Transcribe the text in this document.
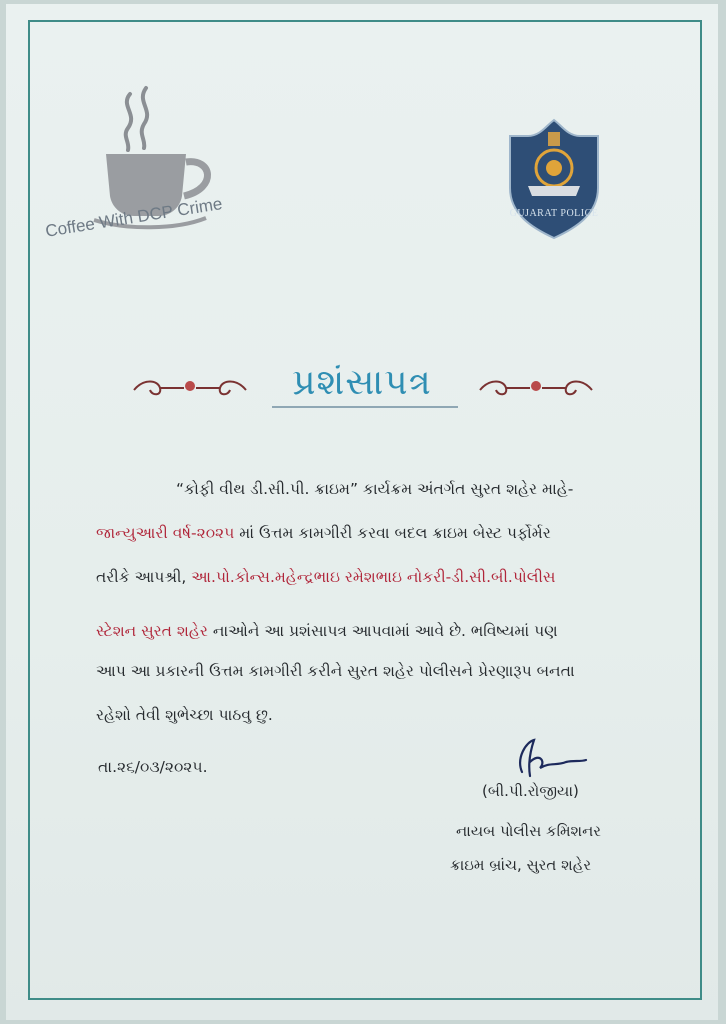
Coffee With DCP Crime	GUJARAT POLICE
પ્રશંસાપત્ર
“કોફી વીથ ડી.સી.પી. ક્રાઇમ” કાર્યક્રમ અંતર્ગત સુરત શહેર માહે-
જાન્યુઆરી વર્ષ-૨૦૨૫ માં ઉત્તમ કામગીરી કરવા બદલ ક્રાઇમ બેસ્ટ પર્ફોર્મર
તરીકે આપશ્રી, આ.પો.કોન્સ.મહેન્દ્રભાઇ રમેશભાઇ નોકરી-ડી.સી.બી.પોલીસ
સ્ટેશન સુરત શહેર નાઓને આ પ્રશંસાપત્ર આપવામાં આવે છે. ભવિષ્યમાં પણ
આપ આ પ્રકારની ઉત્તમ કામગીરી કરીને સુરત શહેર પોલીસને પ્રેરણારૂપ બનતા
રહેશો તેવી શુભેચ્છા પાઠવુ છુ.
તા.૨૬/૦૩/૨૦૨૫.
(બી.પી.રોજીયા)
નાયબ પોલીસ કમિશનર
ક્રાઇમ બ્રાંચ, સુરત શહેર
